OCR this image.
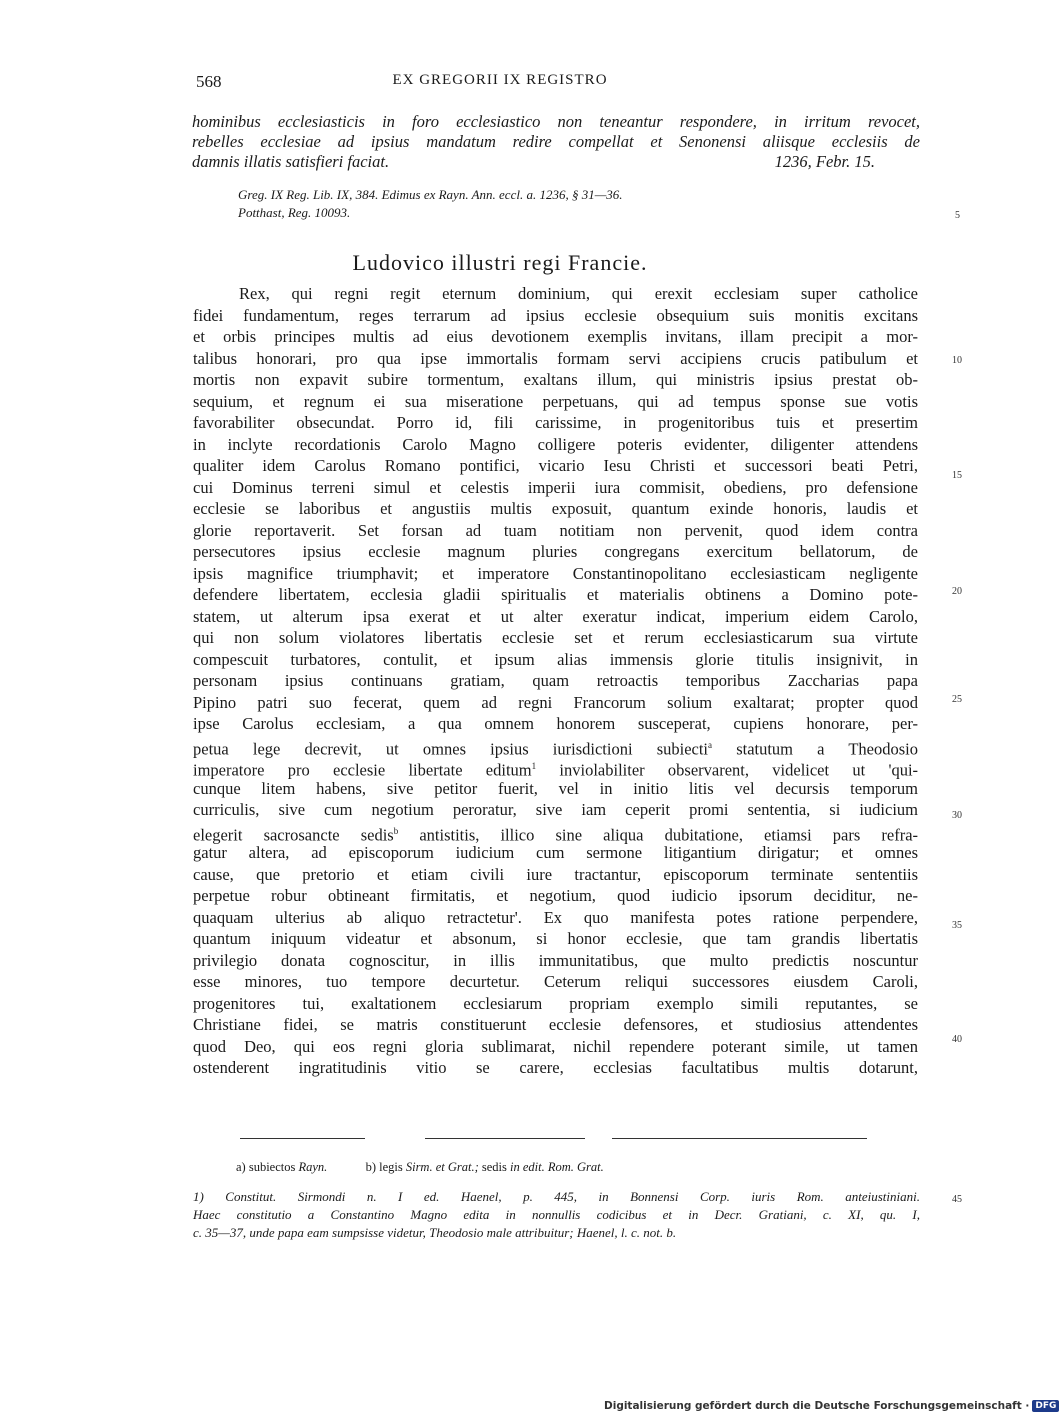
568	EX GREGORII IX REGISTRO
hominibus ecclesiasticis in foro ecclesiastico non teneantur respondere, in irritum revocet,
rebelles ecclesiae ad ipsius mandatum redire compellat et Senonensi aliisque ecclesiis de
damnis illatis satisfieri faciat.	1236, Febr. 15.
Greg. IX Reg. Lib. IX, 384. Edimus ex Rayn. Ann. eccl. a. 1236, § 31—36.
Potthast, Reg. 10093.
Ludovico illustri regi Francie.
Rex, qui regni regit eternum dominium, qui erexit ecclesiam super catholice
fidei fundamentum, reges terrarum ad ipsius ecclesie obsequium suis monitis excitans
et orbis principes multis ad eius devotionem exemplis invitans, illam precipit a mor-
talibus honorari, pro qua ipse immortalis formam servi accipiens crucis patibulum et
mortis non expavit subire tormentum, exaltans illum, qui ministris ipsius prestat ob-
sequium, et regnum ei sua miseratione perpetuans, qui ad tempus sponse sue votis
favorabiliter obsecundat. Porro id, fili carissime, in progenitoribus tuis et presertim
in inclyte recordationis Carolo Magno colligere poteris evidenter, diligenter attendens
qualiter idem Carolus Romano pontifici, vicario Iesu Christi et successori beati Petri,
cui Dominus terreni simul et celestis imperii iura commisit, obediens, pro defensione
ecclesie se laboribus et angustiis multis exposuit, quantum exinde honoris, laudis et
glorie reportaverit. Set forsan ad tuam notitiam non pervenit, quod idem contra
persecutores ipsius ecclesie magnum pluries congregans exercitum bellatorum, de
ipsis magnifice triumphavit; et imperatore Constantinopolitano ecclesiasticam negligente
defendere libertatem, ecclesia gladii spiritualis et materialis obtinens a Domino pote-
statem, ut alterum ipsa exerat et ut alter exeratur indicat, imperium eidem Carolo,
qui non solum violatores libertatis ecclesie set et rerum ecclesiasticarum sua virtute
compescuit turbatores, contulit, et ipsum alias immensis glorie titulis insignivit, in
personam ipsius continuans gratiam, quam retroactis temporibus Zaccharias papa
Pipino patri suo fecerat, quem ad regni Francorum solium exaltarat; propter quod
ipse Carolus ecclesiam, a qua omnem honorem susceperat, cupiens honorare, per-
petua lege decrevit, ut omnes ipsius iurisdictioni subiecti$^a$ statutum a Theodosio
imperatore pro ecclesie libertate editum$^1$ inviolabiliter observarent, videlicet ut 'qui-
cunque litem habens, sive petitor fuerit, vel in initio litis vel decursis temporum
curriculis, sive cum negotium peroratur, sive iam ceperit promi sententia, si iudicium
elegerit sacrosancte sedis$^b$ antistitis, illico sine aliqua dubitatione, etiamsi pars refra-
gatur altera, ad episcoporum iudicium cum sermone litigantium dirigatur; et omnes
cause, que pretorio et etiam civili iure tractantur, episcoporum terminate sententiis
perpetue robur obtineant firmitatis, et negotium, quod iudicio ipsorum deciditur, ne-
quaquam ulterius ab aliquo retractetur'. Ex quo manifesta potes ratione perpendere,
quantum iniquum videatur et absonum, si honor ecclesie, que tam grandis libertatis
privilegio donata cognoscitur, in illis immunitatibus, que multo predictis noscuntur
esse minores, tuo tempore decurtetur. Ceterum reliqui successores eiusdem Caroli,
progenitores tui, exaltationem ecclesiarum propriam exemplo simili reputantes, se
Christiane fidei, se matris constituerunt ecclesie defensores, et studiosius attendentes
quod Deo, qui eos regni gloria sublimarat, nichil rependere poterant simile, ut tamen
ostenderent ingratitudinis vitio se carere, ecclesias facultatibus multis dotarunt,
5
10
15
20
25
30
35
40
45
a) subiectos Rayn.	b) legis Sirm. et Grat.; sedis in edit. Rom. Grat.
1) Constitut. Sirmondi n. I ed. Haenel, p. 445, in Bonnensi Corp. iuris Rom. anteiustiniani.
Haec constitutio a Constantino Magno edita in nonnullis codicibus et in Decr. Gratiani, c. XI, qu. I,
c. 35—37, unde papa eam sumpsisse videtur, Theodosio male attribuitur; Haenel, l. c. not. b.
Digitalisierung gefördert durch die Deutsche Forschungsgemeinschaft · DFG
